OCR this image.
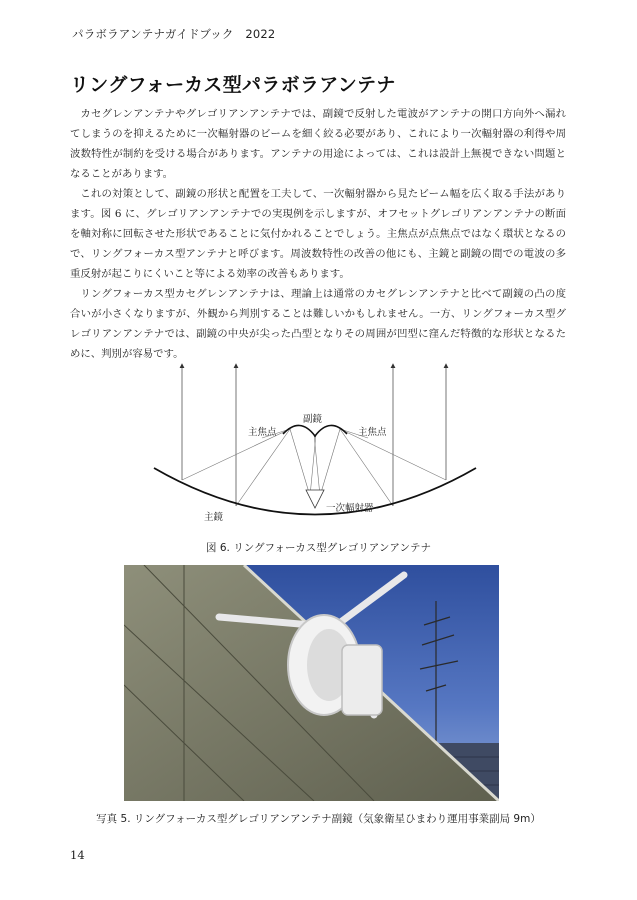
パラボラアンテナガイドブック　2022
リングフォーカス型パラボラアンテナ

カセグレンアンテナやグレゴリアンアンテナでは、副鏡で反射した電波がアンテナの開口方向外へ漏れてしまうのを抑えるために一次輻射器のビームを細く絞る必要があり、これにより一次輻射器の利得や周波数特性が制約を受ける場合があります。アンテナの用途によっては、これは設計上無視できない問題となることがあります。

これの対策として、副鏡の形状と配置を工夫して、一次輻射器から見たビーム幅を広く取る手法があります。図 6 に、グレゴリアンアンテナでの実現例を示しますが、オフセットグレゴリアンアンテナの断面を軸対称に回転させた形状であることに気付かれることでしょう。主焦点が点焦点ではなく環状となるので、リングフォーカス型アンテナと呼びます。周波数特性の改善の他にも、主鏡と副鏡の間での電波の多重反射が起こりにくいこと等による効率の改善もあります。

リングフォーカス型カセグレンアンテナは、理論上は通常のカセグレンアンテナと比べて副鏡の凸の度合いが小さくなりますが、外観から判別することは難しいかもしれません。一方、リングフォーカス型グレゴリアンアンテナでは、副鏡の中央が尖った凸型となりその周囲が凹型に窪んだ特徴的な形状となるために、判別が容易です。

副鏡
主焦点	主焦点
一次輻射器
主鏡
図 6. リングフォーカス型グレゴリアンアンテナ
写真 5. リングフォーカス型グレゴリアンアンテナ副鏡（気象衛星ひまわり運用事業副局 9m）
14
